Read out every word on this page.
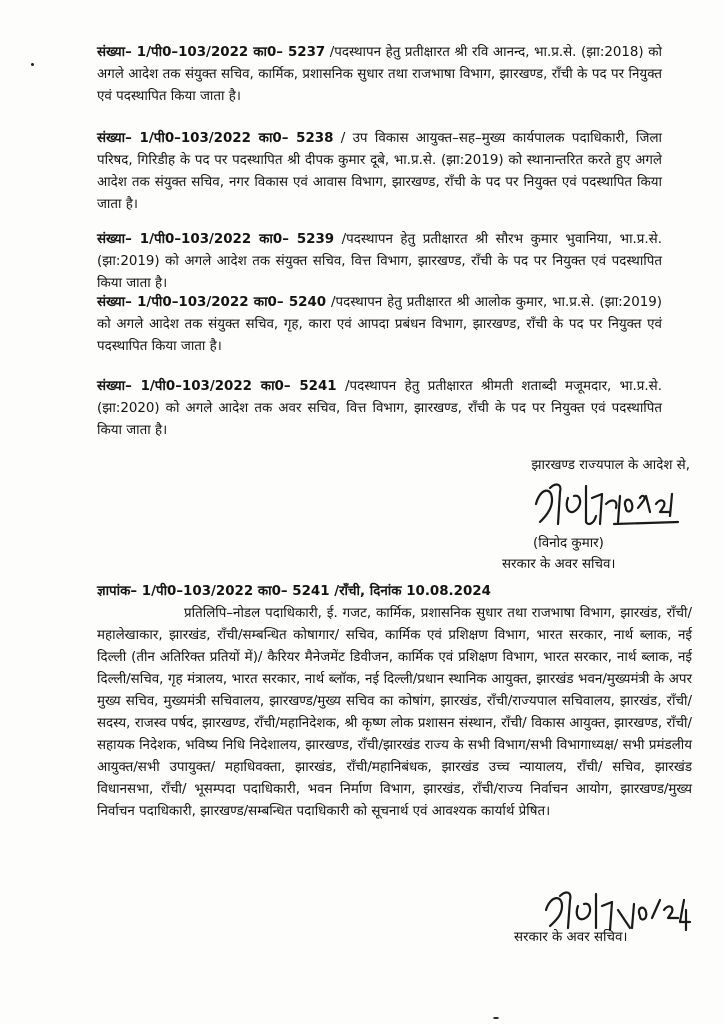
संख्या– 1/पी0–103/2022 का0– 5237 /पदस्थापन हेतु प्रतीक्षारत श्री रवि आनन्द, भा.प्र.से. (झा:2018) को अगले आदेश तक संयुक्त सचिव, कार्मिक, प्रशासनिक सुधार तथा राजभाषा विभाग, झारखण्ड, राँची के पद पर नियुक्त एवं पदस्थापित किया जाता है।

संख्या– 1/पी0–103/2022 का0– 5238 / उप विकास आयुक्त–सह–मुख्य कार्यपालक पदाधिकारी, जिला परिषद, गिरिडीह के पद पर पदस्थापित श्री दीपक कुमार दूबे, भा.प्र.से. (झा:2019) को स्थानान्तरित करते हुए अगले आदेश तक संयुक्त सचिव, नगर विकास एवं आवास विभाग, झारखण्ड, राँची के पद पर नियुक्त एवं पदस्थापित किया जाता है।

संख्या– 1/पी0–103/2022 का0– 5239 /पदस्थापन हेतु प्रतीक्षारत श्री सौरभ कुमार भुवानिया, भा.प्र.से. (झा:2019) को अगले आदेश तक संयुक्त सचिव, वित्त विभाग, झारखण्ड, राँची के पद पर नियुक्त एवं पदस्थापित किया जाता है।

संख्या– 1/पी0–103/2022 का0– 5240 /पदस्थापन हेतु प्रतीक्षारत श्री आलोक कुमार, भा.प्र.से. (झा:2019) को अगले आदेश तक संयुक्त सचिव, गृह, कारा एवं आपदा प्रबंधन विभाग, झारखण्ड, राँची के पद पर नियुक्त एवं पदस्थापित किया जाता है।

संख्या– 1/पी0–103/2022 का0– 5241 /पदस्थापन हेतु प्रतीक्षारत श्रीमती शताब्दी मजूमदार, भा.प्र.से. (झा:2020) को अगले आदेश तक अवर सचिव, वित्त विभाग, झारखण्ड, राँची के पद पर नियुक्त एवं पदस्थापित किया जाता है।

झारखण्ड राज्यपाल के आदेश से,
(विनोद कुमार)
सरकार के अवर सचिव।
ज्ञापांक– 1/पी0–103/2022 का0– 5241 /राँची, दिनांक 10.08.2024

प्रतिलिपि–नोडल पदाधिकारी, ई. गजट, कार्मिक, प्रशासनिक सुधार तथा राजभाषा विभाग, झारखंड, राँची/महालेखाकार, झारखंड, राँची/सम्बन्धित कोषागार/ सचिव, कार्मिक एवं प्रशिक्षण विभाग, भारत सरकार, नार्थ ब्लाक, नई दिल्ली (तीन अतिरिक्त प्रतियों में)/ कैरियर मैनेजमेंट डिवीजन, कार्मिक एवं प्रशिक्षण विभाग, भारत सरकार, नार्थ ब्लाक, नई दिल्ली/सचिव, गृह मंत्रालय, भारत सरकार, नार्थ ब्लॉक, नई दिल्ली/प्रधान स्थानिक आयुक्त, झारखंड भवन/मुख्यमंत्री के अपर मुख्य सचिव, मुख्यमंत्री सचिवालय, झारखण्ड/मुख्य सचिव का कोषांग, झारखंड, राँची/राज्यपाल सचिवालय, झारखंड, राँची/सदस्य, राजस्व पर्षद, झारखण्ड, राँची/महानिदेशक, श्री कृष्ण लोक प्रशासन संस्थान, राँची/ विकास आयुक्त, झारखण्ड, राँची/सहायक निदेशक, भविष्य निधि निदेशालय, झारखण्ड, राँची/झारखंड राज्य के सभी विभाग/सभी विभागाध्यक्ष/ सभी प्रमंडलीय आयुक्त/सभी उपायुक्त/ महाधिवक्ता, झारखंड, राँची/महानिबंधक, झारखंड उच्च न्यायालय, राँची/ सचिव, झारखंड विधानसभा, राँची/ भूसम्पदा पदाधिकारी, भवन निर्माण विभाग, झारखंड, राँची/राज्य निर्वाचन आयोग, झारखण्ड/मुख्य निर्वाचन पदाधिकारी, झारखण्ड/सम्बन्धित पदाधिकारी को सूचनार्थ एवं आवश्यक कार्यार्थ प्रेषित।

सरकार के अवर सचिव।
